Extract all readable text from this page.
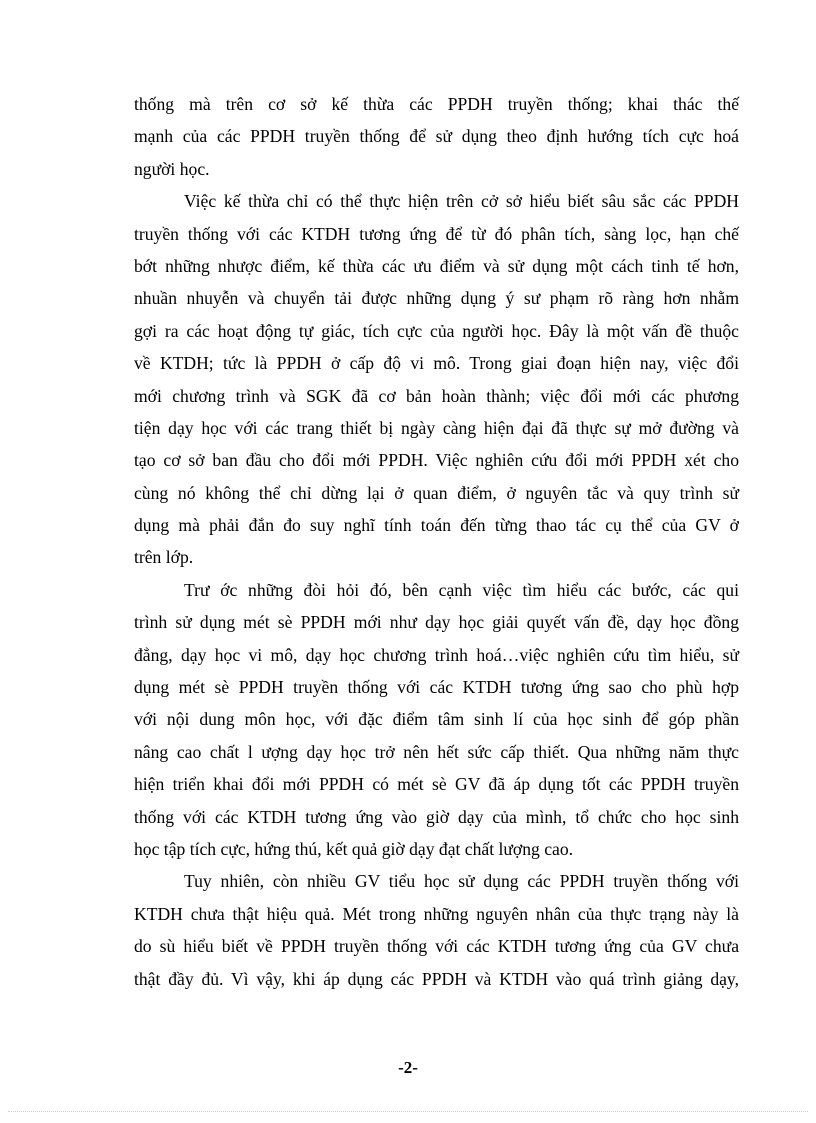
thống mà trên cơ sở kế thừa các PPDH truyền thống; khai thác thế
mạnh của các PPDH truyền thống để sử dụng theo định hướng tích cực hoá
người học.

Việc kế thừa chỉ có thể thực hiện trên cở sở hiểu biết sâu sắc các PPDH
truyền thống với các KTDH tương ứng để từ đó phân tích, sàng lọc, hạn chế
bớt những nhược điểm, kế thừa các ưu điểm và sử dụng một cách tinh tế hơn,
nhuần nhuyễn và chuyển tải được những dụng ý sư phạm rõ ràng hơn nhằm
gợi ra các hoạt động tự giác, tích cực của người học. Đây là một vấn đề thuộc
về KTDH; tức là PPDH ở cấp độ vi mô. Trong giai đoạn hiện nay, việc đổi
mới chương trình và SGK đã cơ bản hoàn thành; việc đổi mới các phương
tiện dạy học với các trang thiết bị ngày càng hiện đại đã thực sự mở đường và
tạo cơ sở ban đầu cho đổi mới PPDH. Việc nghiên cứu đổi mới PPDH xét cho
cùng nó không thể chỉ dừng lại ở quan điểm, ở nguyên tắc và quy trình sử
dụng mà phải đắn đo suy nghĩ tính toán đến từng thao tác cụ thể của GV ở
trên lớp.

Trư ớc những đòi hỏi đó, bên cạnh việc tìm hiểu các bước, các qui
trình sử dụng mét sè PPDH mới như dạy học giải quyết vấn đề, dạy học đồng
đẳng, dạy học vi mô, dạy học chương trình hoá…việc nghiên cứu tìm hiểu, sử
dụng mét sè PPDH truyền thống với các KTDH tương ứng sao cho phù hợp
với nội dung môn học, với đặc điểm tâm sinh lí của học sinh để góp phần
nâng cao chất l ượng dạy học trở nên hết sức cấp thiết. Qua những năm thực
hiện triển khai đổi mới PPDH có mét sè GV đã áp dụng tốt các PPDH truyền
thống với các KTDH tương ứng vào giờ dạy của mình, tổ chức cho học sinh
học tập tích cực, hứng thú, kết quả giờ dạy đạt chất lượng cao.

Tuy nhiên, còn nhiều GV tiểu học sử dụng các PPDH truyền thống với
KTDH chưa thật hiệu quả. Mét trong những nguyên nhân của thực trạng này là
do sù hiểu biết về PPDH truyền thống với các KTDH tương ứng của GV chưa
thật đầy đủ. Vì vậy, khi áp dụng các PPDH và KTDH vào quá trình giảng dạy,

-2-
